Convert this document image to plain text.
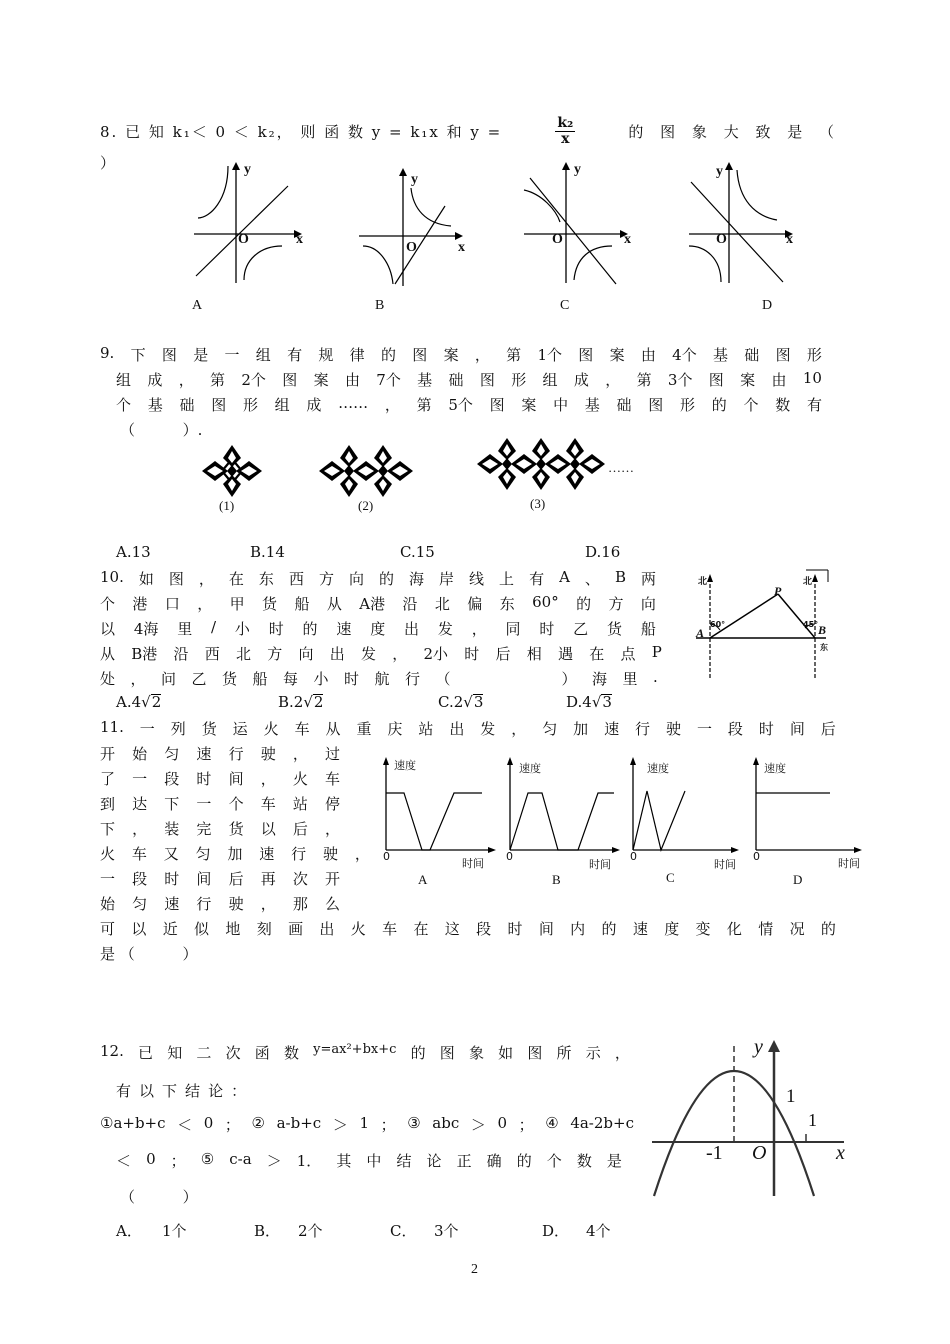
8. 已 知 k₁＜ 0 ＜ k₂， 则 函 数 y = k₁x 和 y =	$\frac{\text{k₂}}{x}$	的 图 象 大 致 是 （
）	y
O	x
A
y
O	x
B
y
O	x
C
y
O	x
D
9. 下 图 是 一 组 有 规 律 的 图 案 ， 第 1个 图 案 由 4个 基 础 图 形
组 成 ， 第 2个 图 案 由 7个 基 础 图 形 组 成 ， 第 3个 图 案 由 10
个 基 础 图 形 组 成 …… ， 第 5个 图 案 中 基 础 图 形 的 个 数 有
（          ）.
……
(1)	(2)	(3)
A.13	B.14	C.15	D.16
10. 如 图 ， 在 东 西 方 向 的 海 岸 线 上 有 A 、 B 两
个 港 口 ， 甲 货 船 从 A港 沿 北 偏 东 60° 的 方 向
以 4海 里 / 小 时 的 速 度 出 发 ， 同 时 乙 货 船
从 B港 沿 西 北 方 向 出 发 ， 2小 时 后 相 遇 在 点 P
处 ， 问 乙 货 船 每 小 时 航 行 （	） 海 里 .
A.4√2	B.2√2	C.2√3	D.4√3
北	北
P
A	B
60°	45°
东
11. 一 列 货 运 火 车 从 重 庆 站 出 发 ， 匀 加 速 行 驶 一 段 时 间 后
开 始 匀 速 行 驶 ， 过
了 一 段 时 间 ， 火 车
到 达 下 一 个 车 站 停
下 ， 装 完 货 以 后 ，
火 车 又 匀 加 速 行 驶 ，
一 段 时 间 后 再 次 开
始 匀 速 行 驶 ， 那 么
可 以 近 似 地 刻 画 出 火 车 在 这 段 时 间 内 的 速 度 变 化 情 况 的
是 （          ）
速度
0
时间
A
速度
0
时间
B
速度
0
时间
C
速度
0
时间
D
12. 已 知 二 次 函 数 y=ax²+bx+c 的 图 象 如 图 所 示 ，
有以下结论：
①a+b+c ＜ 0 ； ② a-b+c ＞ 1 ； ③ abc ＞ 0 ； ④ 4a-2b+c
＜ 0 ； ⑤ c-a ＞ 1． 其 中 结 论 正 确 的 个 数 是
（          ）
A． 1个	B． 2个	C． 3个	D． 4个
y
1
1
-1 O	x
2
